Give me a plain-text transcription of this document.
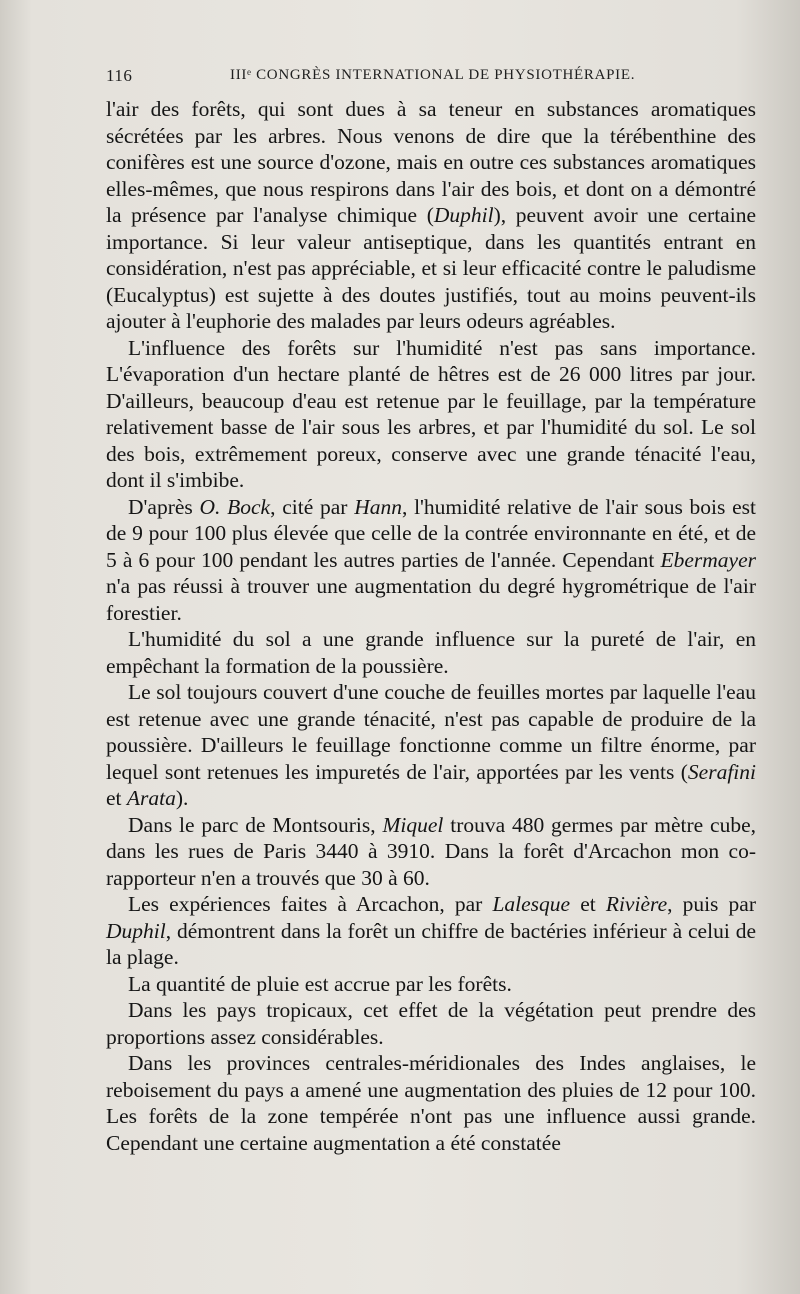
116	IIIᵉ CONGRÈS INTERNATIONAL DE PHYSIOTHÉRAPIE.

l'air des forêts, qui sont dues à sa teneur en substances aromatiques sécrétées par les arbres. Nous venons de dire que la térébenthine des conifères est une source d'ozone, mais en outre ces substances aromatiques elles-mêmes, que nous respirons dans l'air des bois, et dont on a démontré la présence par l'analyse chimique (Duphil), peuvent avoir une certaine importance. Si leur valeur antiseptique, dans les quantités entrant en considération, n'est pas appréciable, et si leur efficacité contre le paludisme (Eucalyptus) est sujette à des doutes justifiés, tout au moins peuvent-ils ajouter à l'euphorie des malades par leurs odeurs agréables.

L'influence des forêts sur l'humidité n'est pas sans importance. L'évaporation d'un hectare planté de hêtres est de 26 000 litres par jour. D'ailleurs, beaucoup d'eau est retenue par le feuillage, par la température relativement basse de l'air sous les arbres, et par l'humidité du sol. Le sol des bois, extrêmement poreux, conserve avec une grande ténacité l'eau, dont il s'imbibe.

D'après O. Bock, cité par Hann, l'humidité relative de l'air sous bois est de 9 pour 100 plus élevée que celle de la contrée environnante en été, et de 5 à 6 pour 100 pendant les autres parties de l'année. Cependant Ebermayer n'a pas réussi à trouver une augmentation du degré hygrométrique de l'air forestier.

L'humidité du sol a une grande influence sur la pureté de l'air, en empêchant la formation de la poussière.

Le sol toujours couvert d'une couche de feuilles mortes par laquelle l'eau est retenue avec une grande ténacité, n'est pas capable de produire de la poussière. D'ailleurs le feuillage fonctionne comme un filtre énorme, par lequel sont retenues les impuretés de l'air, apportées par les vents (Serafini et Arata).

Dans le parc de Montsouris, Miquel trouva 480 germes par mètre cube, dans les rues de Paris 3440 à 3910. Dans la forêt d'Arcachon mon co-rapporteur n'en a trouvés que 30 à 60.

Les expériences faites à Arcachon, par Lalesque et Rivière, puis par Duphil, démontrent dans la forêt un chiffre de bactéries inférieur à celui de la plage.

La quantité de pluie est accrue par les forêts.

Dans les pays tropicaux, cet effet de la végétation peut prendre des proportions assez considérables.

Dans les provinces centrales-méridionales des Indes anglaises, le reboisement du pays a amené une augmentation des pluies de 12 pour 100. Les forêts de la zone tempérée n'ont pas une influence aussi grande. Cependant une certaine augmentation a été constatée
